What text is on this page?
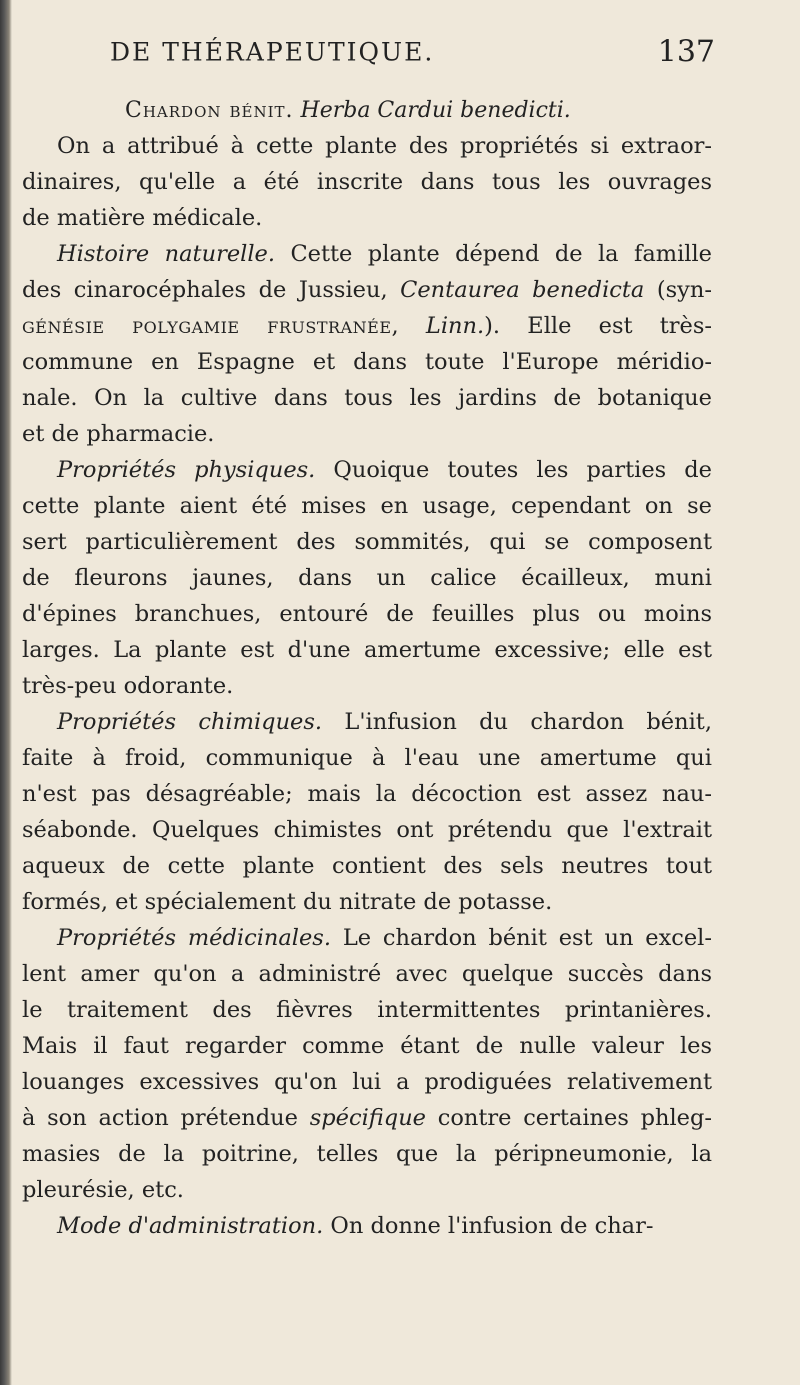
DE THÉRAPEUTIQUE.	137
Chardon bénit. Herba Cardui benedicti.
On a attribué à cette plante des propriétés si extraor-
dinaires, qu'elle a été inscrite dans tous les ouvrages
de matière médicale.
Histoire naturelle. Cette plante dépend de la famille
des cinarocéphales de Jussieu, Centaurea benedicta (syn-
génésie polygamie frustranée, Linn.). Elle est très-
commune en Espagne et dans toute l'Europe méridio-
nale. On la cultive dans tous les jardins de botanique
et de pharmacie.
Propriétés physiques. Quoique toutes les parties de
cette plante aient été mises en usage, cependant on se
sert particulièrement des sommités, qui se composent
de fleurons jaunes, dans un calice écailleux, muni
d'épines branchues, entouré de feuilles plus ou moins
larges. La plante est d'une amertume excessive; elle est
très-peu odorante.
Propriétés chimiques. L'infusion du chardon bénit,
faite à froid, communique à l'eau une amertume qui
n'est pas désagréable; mais la décoction est assez nau-
séabonde. Quelques chimistes ont prétendu que l'extrait
aqueux de cette plante contient des sels neutres tout
formés, et spécialement du nitrate de potasse.
Propriétés médicinales. Le chardon bénit est un excel-
lent amer qu'on a administré avec quelque succès dans
le traitement des fièvres intermittentes printanières.
Mais il faut regarder comme étant de nulle valeur les
louanges excessives qu'on lui a prodiguées relativement
à son action prétendue spécifique contre certaines phleg-
masies de la poitrine, telles que la péripneumonie, la
pleurésie, etc.
Mode d'administration. On donne l'infusion de char-
